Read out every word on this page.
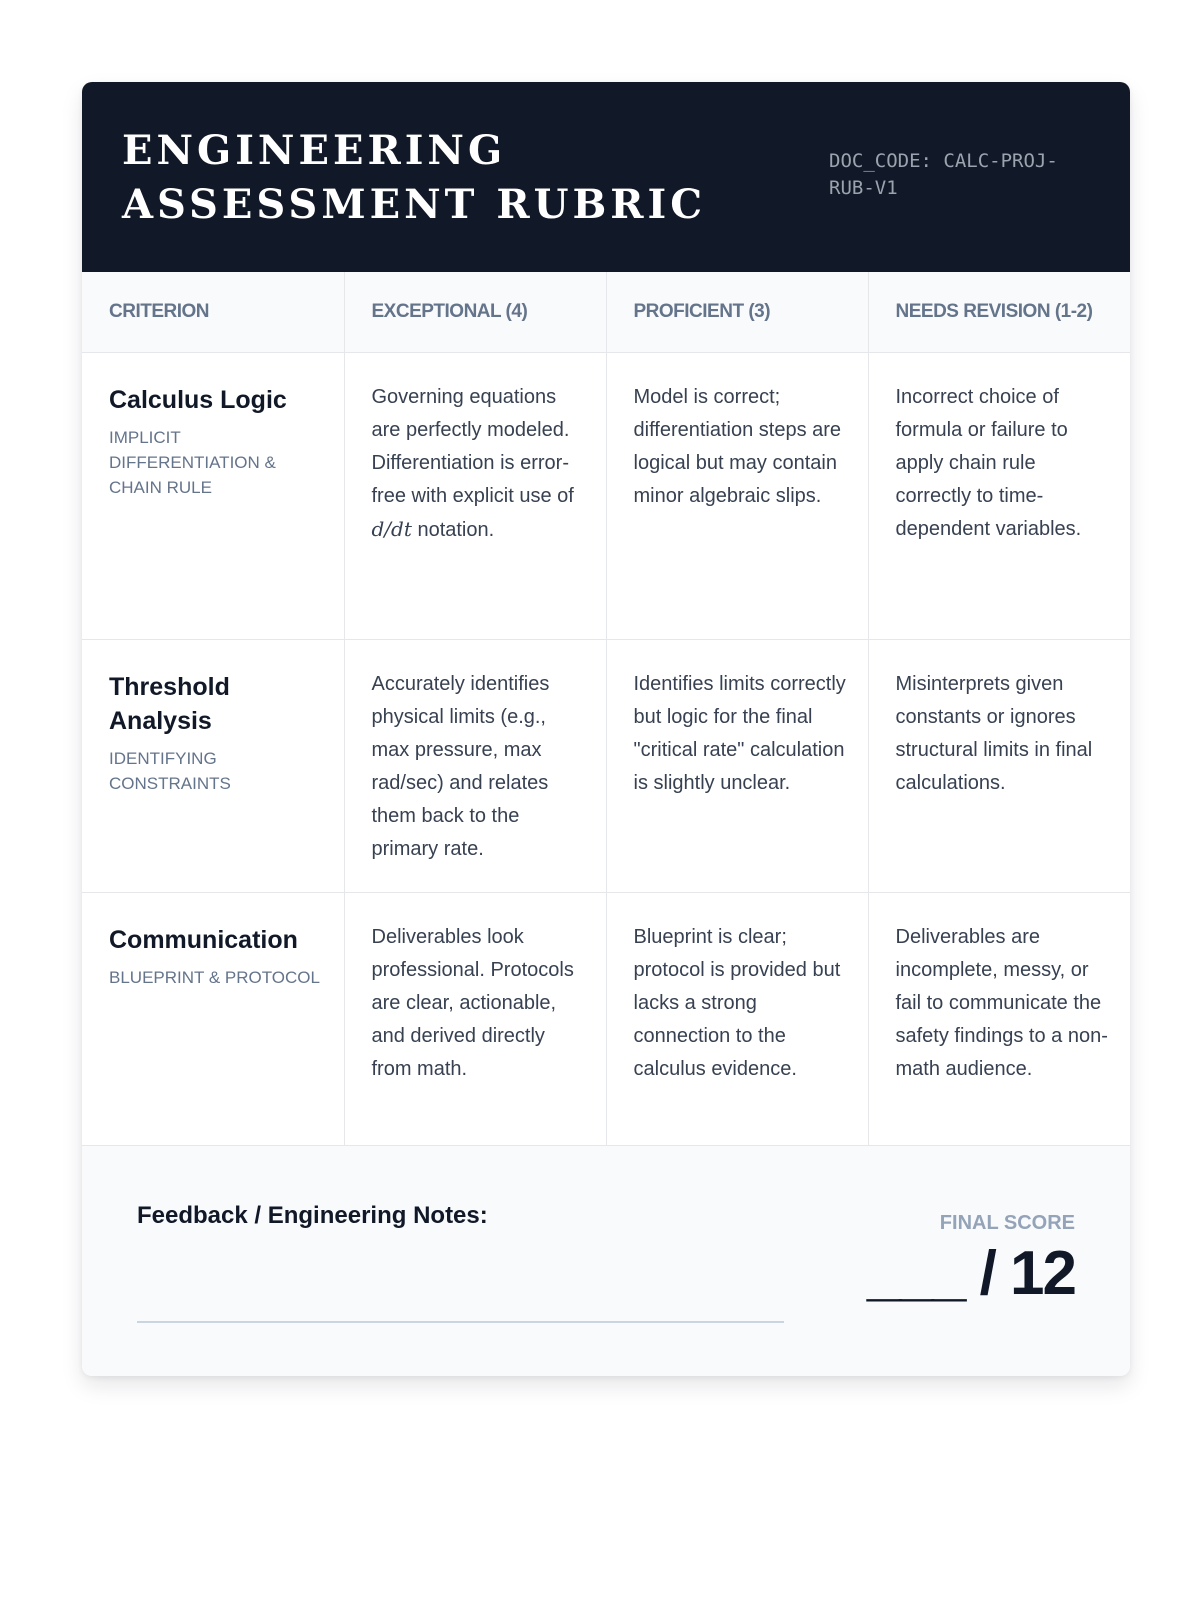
ENGINEERING ASSESSMENT RUBRIC
DOC_CODE: CALC-PROJ-RUB-V1
CRITERION	EXCEPTIONAL (4)	PROFICIENT (3)	NEEDS REVISION (1-2)

Calculus Logic
IMPLICIT DIFFERENTIATION & CHAIN RULE	Governing equations are perfectly modeled. Differentiation is error-free with explicit use of d/dt notation.	Model is correct; differentiation steps are logical but may contain minor algebraic slips.	Incorrect choice of formula or failure to apply chain rule correctly to time-dependent variables.

Threshold Analysis
IDENTIFYING CONSTRAINTS	Accurately identifies physical limits (e.g., max pressure, max rad/sec) and relates them back to the primary rate.	Identifies limits correctly but logic for the final "critical rate" calculation is slightly unclear.	Misinterprets given constants or ignores structural limits in final calculations.

Communication
BLUEPRINT & PROTOCOL	Deliverables look professional. Protocols are clear, actionable, and derived directly from math.	Blueprint is clear; protocol is provided but lacks a strong connection to the calculus evidence.	Deliverables are incomplete, messy, or fail to communicate the safety findings to a non-math audience.
Feedback / Engineering Notes:	FINAL SCORE
___ / 12
